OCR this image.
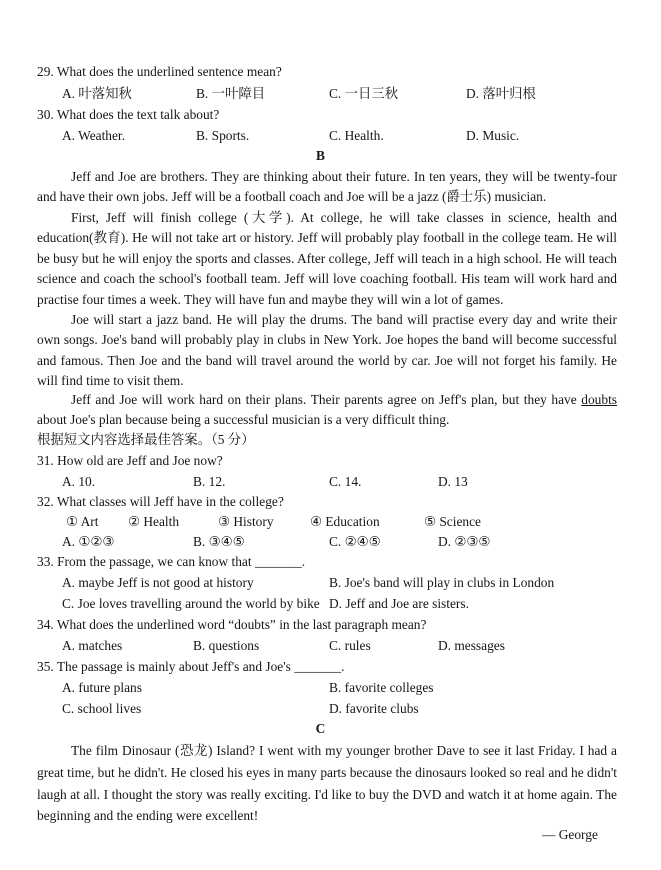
29. What does the underlined sentence mean?
A. 叶落知秋	B. 一叶障目	C. 一日三秋	D. 落叶归根
30. What does the text talk about?
A. Weather.	B. Sports.	C. Health.	D. Music.
B
Jeff and Joe are brothers. They are thinking about their future. In ten years, they will be twenty-four and have their own jobs. Jeff will be a football coach and Joe will be a jazz (爵士乐) musician.
First, Jeff will finish college (大学). At college, he will take classes in science, health and education(教育). He will not take art or history. Jeff will probably play football in the college team. He will be busy but he will enjoy the sports and classes. After college, Jeff will teach in a high school. He will teach science and coach the school's football team. Jeff will love coaching football. His team will work hard and practise four times a week. They will have fun and maybe they will win a lot of games.
Joe will start a jazz band. He will play the drums. The band will practise every day and write their own songs. Joe's band will probably play in clubs in New York. Joe hopes the band will become successful and famous. Then Joe and the band will travel around the world by car. Joe will not forget his family. He will find time to visit them.
Jeff and Joe will work hard on their plans. Their parents agree on Jeff's plan, but they have doubts about Joe's plan because being a successful musician is a very difficult thing.
根据短文内容选择最佳答案。（5 分）
31. How old are Jeff and Joe now?
A. 10.	B. 12.	C. 14.	D. 13
32. What classes will Jeff have in the college?
① Art ② Health	③ History	④ Education	⑤ Science
A. ①②③	B. ③④⑤	C. ②④⑤	D. ②③⑤
33. From the passage, we can know that _______.
A. maybe Jeff is not good at history	B. Joe's band will play in clubs in London
C. Joe loves travelling around the world by bike D. Jeff and Joe are sisters.
34. What does the underlined word “doubts” in the last paragraph mean?
A. matches	B. questions	C. rules	D. messages
35. The passage is mainly about Jeff's and Joe's _______.
A. future plans	B. favorite colleges
C. school lives	D. favorite clubs
C
The film Dinosaur (恐龙) Island? I went with my younger brother Dave to see it last Friday. I had a great time, but he didn't. He closed his eyes in many parts because the dinosaurs looked so real and he didn't laugh at all. I thought the story was really exciting. I'd like to buy the DVD and watch it at home again. The beginning and the ending were excellent!
— George
